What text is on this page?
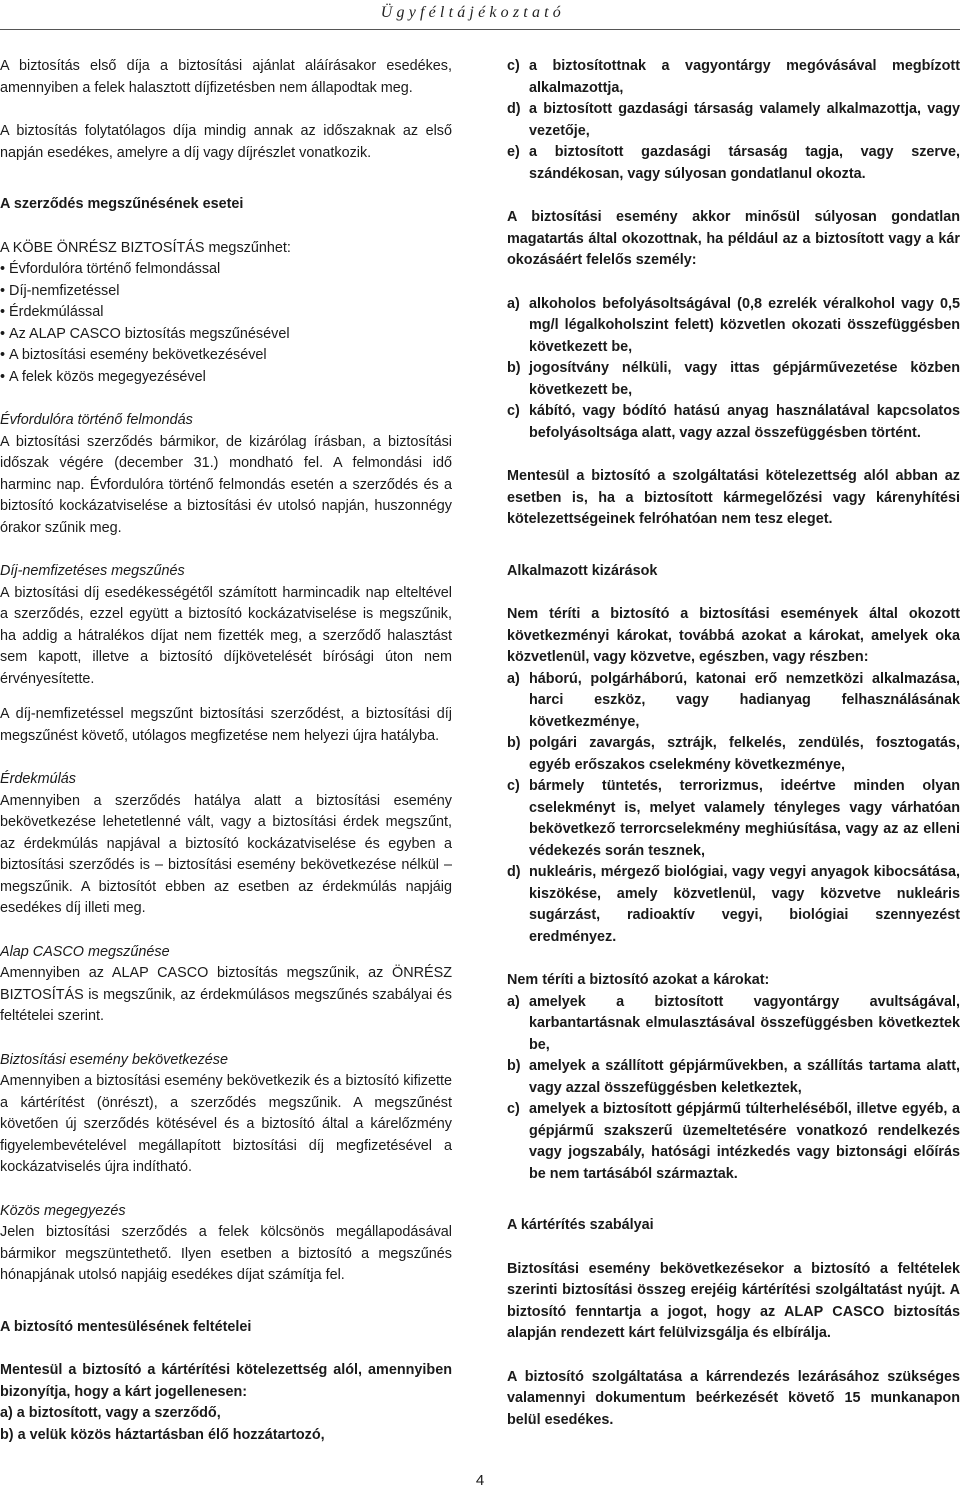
Ügyféltájékoztató

A biztosítás első díja a biztosítási ajánlat aláírásakor esedékes, amennyiben a felek halasztott díjfizetésben nem állapodtak meg.

A biztosítás folytatólagos díja mindig annak az időszaknak az első napján esedékes, amelyre a díj vagy díjrészlet vonatkozik.

A szerződés megszűnésének esetei

A KÖBE ÖNRÉSZ BIZTOSÍTÁS megszűnhet:

• Évfordulóra történő felmondással
• Díj-nemfizetéssel
• Érdekmúlással
• Az ALAP CASCO biztosítás megszűnésével
• A biztosítási esemény bekövetkezésével
• A felek közös megegyezésével

Évfordulóra történő felmondás

A biztosítási szerződés bármikor, de kizárólag írásban, a biztosítási időszak végére (december 31.) mondható fel. A felmondási idő harminc nap. Évfordulóra történő felmondás esetén a szerződés és a biztosító kockázatviselése a biztosítási év utolsó napján, huszonnégy órakor szűnik meg.

Díj-nemfizetéses megszűnés

A biztosítási díj esedékességétől számított harmincadik nap elteltével a szerződés, ezzel együtt a biztosító kockázatviselése is megszűnik, ha addig a hátralékos díjat nem fizették meg, a szerződő halasztást sem kapott, illetve a biztosító díjkövetelését bírósági úton nem érvényesítette.

A díj-nemfizetéssel megszűnt biztosítási szerződést, a biztosítási díj megszűnést követő, utólagos megfizetése nem helyezi újra hatályba.

Érdekmúlás

Amennyiben a szerződés hatálya alatt a biztosítási esemény bekövetkezése lehetetlenné vált, vagy a biztosítási érdek megszűnt, az érdekmúlás napjával a biztosító kockázatviselése és egyben a biztosítási szerződés is – biztosítási esemény bekövetkezése nélkül – megszűnik. A biztosítót ebben az esetben az érdekmúlás napjáig esedékes díj illeti meg.

Alap CASCO megszűnése

Amennyiben az ALAP CASCO biztosítás megszűnik, az ÖNRÉSZ BIZTOSÍTÁS is megszűnik, az érdekmúlásos megszűnés szabályai és feltételei szerint.

Biztosítási esemény bekövetkezése

Amennyiben a biztosítási esemény bekövetkezik és a biztosító kifizette a kártérítést (önrészt), a szerződés megszűnik. A megszűnést követően új szerződés kötésével és a biztosító által a kárelőzmény figyelembevételével megállapított biztosítási díj megfizetésével a kockázatviselés újra indítható.

Közös megegyezés

Jelen biztosítási szerződés a felek kölcsönös megállapodásával bármikor megszüntethető. Ilyen esetben a biztosító a megszűnés hónapjának utolsó napjáig esedékes díjat számítja fel.

A biztosító mentesülésének feltételei

Mentesül a biztosító a kártérítési kötelezettség alól, amennyiben bizonyítja, hogy a kárt jogellenesen:

a) a biztosított, vagy a szerződő,
b) a velük közös háztartásban élő hozzátartozó,
c) a biztosítottnak a vagyontárgy megóvásával megbízott alkalmazottja,
d) a biztosított gazdasági társaság valamely alkalmazottja, vagy vezetője,
e) a biztosított gazdasági társaság tagja, vagy szerve, szándékosan, vagy súlyosan gondatlanul okozta.

A biztosítási esemény akkor minősül súlyosan gondatlan magatartás által okozottnak, ha például az a biztosított vagy a kár okozásáért felelős személy:

a) alkoholos befolyásoltságával (0,8 ezrelék véralkohol vagy 0,5 mg/l légalkoholszint felett) közvetlen okozati összefüggésben következett be,
b) jogosítvány nélküli, vagy ittas gépjárművezetése közben következett be,
c) kábító, vagy bódító hatású anyag használatával kapcsolatos befolyásoltsága alatt, vagy azzal összefüggésben történt.

Mentesül a biztosító a szolgáltatási kötelezettség alól abban az esetben is, ha a biztosított kármegelőzési vagy kárenyhítési kötelezettségeinek felróhatóan nem tesz eleget.

Alkalmazott kizárások

Nem téríti a biztosító a biztosítási események által okozott következményi károkat, továbbá azokat a károkat, amelyek oka közvetlenül, vagy közvetve, egészben, vagy részben:

a) háború, polgárháború, katonai erő nemzetközi alkalmazása, harci eszköz, vagy hadianyag felhasználásának következménye,
b) polgári zavargás, sztrájk, felkelés, zendülés, fosztogatás, egyéb erőszakos cselekmény következménye,
c) bármely tüntetés, terrorizmus, ideértve minden olyan cselekményt is, melyet valamely tényleges vagy várhatóan bekövetkező terrorcselekmény meghiúsítása, vagy az az elleni védekezés során tesznek,
d) nukleáris, mérgező biológiai, vagy vegyi anyagok kibocsátása, kiszökése, amely közvetlenül, vagy közvetve nukleáris sugárzást, radioaktív vegyi, biológiai szennyezést eredményez.

Nem téríti a biztosító azokat a károkat:

a) amelyek a biztosított vagyontárgy avultságával, karbantartásnak elmulasztásával összefüggésben következtek be,
b) amelyek a szállított gépjárművekben, a szállítás tartama alatt, vagy azzal összefüggésben keletkeztek,
c) amelyek a biztosított gépjármű túlterheléséből, illetve egyéb, a gépjármű szakszerű üzemeltetésére vonatkozó rendelkezés vagy jogszabály, hatósági intézkedés vagy biztonsági előírás be nem tartásából származtak.

A kártérítés szabályai

Biztosítási esemény bekövetkezésekor a biztosító a feltételek szerinti biztosítási összeg erejéig kártérítési szolgáltatást nyújt. A biztosító fenntartja a jogot, hogy az ALAP CASCO biztosítás alapján rendezett kárt felülvizsgálja és elbírálja.

A biztosító szolgáltatása a kárrendezés lezárásához szükséges valamennyi dokumentum beérkezését követő 15 munkanapon belül esedékes.

4
